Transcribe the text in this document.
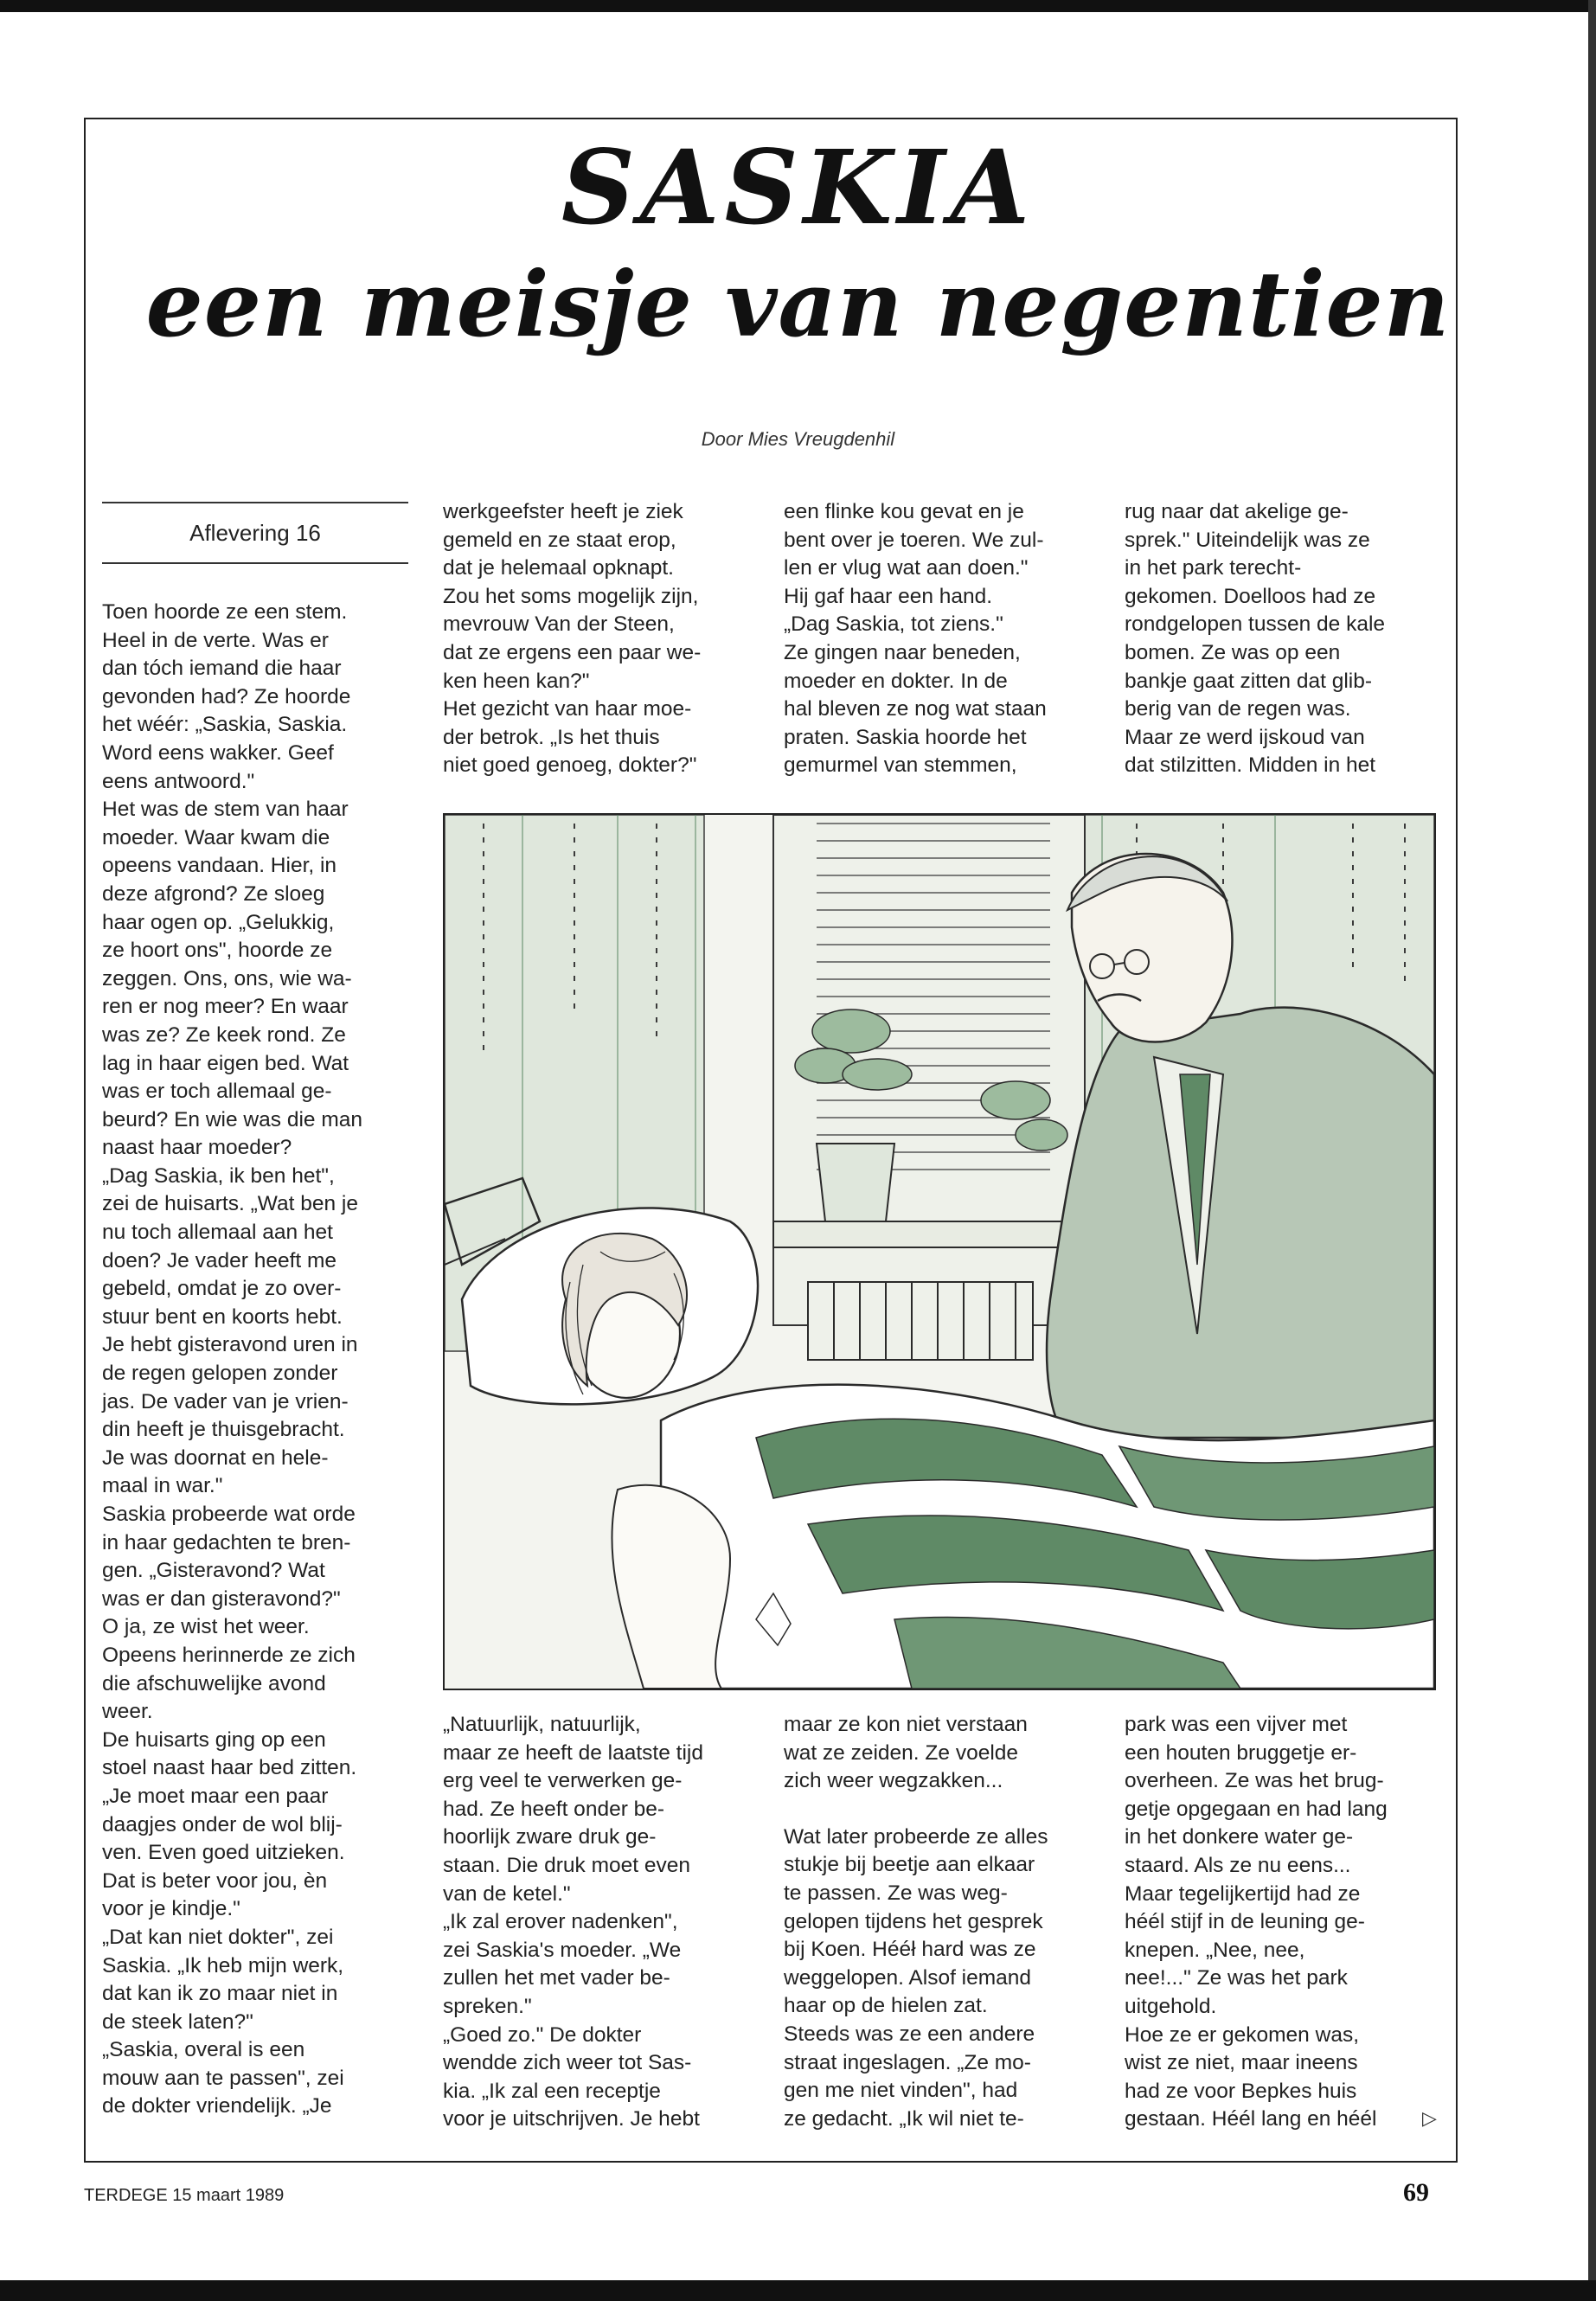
SASKIA
een meisje van negentien
Door Mies Vreugdenhil
Aflevering 16

Toen hoorde ze een stem.

Heel in de verte. Was er

dan tóch iemand die haar

gevonden had? Ze hoorde

het wéér: „Saskia, Saskia.

Word eens wakker. Geef

eens antwoord."

Het was de stem van haar

moeder. Waar kwam die

opeens vandaan. Hier, in

deze afgrond? Ze sloeg

haar ogen op. „Gelukkig,

ze hoort ons", hoorde ze

zeggen. Ons, ons, wie wa-

ren er nog meer? En waar

was ze? Ze keek rond. Ze

lag in haar eigen bed. Wat

was er toch allemaal ge-

beurd? En wie was die man

naast haar moeder?

„Dag Saskia, ik ben het",

zei de huisarts. „Wat ben je

nu toch allemaal aan het

doen? Je vader heeft me

gebeld, omdat je zo over-

stuur bent en koorts hebt.

Je hebt gisteravond uren in

de regen gelopen zonder

jas. De vader van je vrien-

din heeft je thuisgebracht.

Je was doornat en hele-

maal in war."

Saskia probeerde wat orde

in haar gedachten te bren-

gen. „Gisteravond? Wat

was er dan gisteravond?"

O ja, ze wist het weer.

Opeens herinnerde ze zich

die afschuwelijke avond

weer.

De huisarts ging op een

stoel naast haar bed zitten.

„Je moet maar een paar

daagjes onder de wol blij-

ven. Even goed uitzieken.

Dat is beter voor jou, èn

voor je kindje."

„Dat kan niet dokter", zei

Saskia. „Ik heb mijn werk,

dat kan ik zo maar niet in

de steek laten?"

„Saskia, overal is een

mouw aan te passen", zei

de dokter vriendelijk. „Je

werkgeefster heeft je ziek

gemeld en ze staat erop,

dat je helemaal opknapt.

Zou het soms mogelijk zijn,

mevrouw Van der Steen,

dat ze ergens een paar we-

ken heen kan?"

Het gezicht van haar moe-

der betrok. „Is het thuis

niet goed genoeg, dokter?"

een flinke kou gevat en je

bent over je toeren. We zul-

len er vlug wat aan doen."

Hij gaf haar een hand.

„Dag Saskia, tot ziens."

Ze gingen naar beneden,

moeder en dokter. In de

hal bleven ze nog wat staan

praten. Saskia hoorde het

gemurmel van stemmen,

rug naar dat akelige ge-

sprek." Uiteindelijk was ze

in het park terecht-

gekomen. Doelloos had ze

rondgelopen tussen de kale

bomen. Ze was op een

bankje gaat zitten dat glib-

berig van de regen was.

Maar ze werd ijskoud van

dat stilzitten. Midden in het

„Natuurlijk, natuurlijk,

maar ze heeft de laatste tijd

erg veel te verwerken ge-

had. Ze heeft onder be-

hoorlijk zware druk ge-

staan. Die druk moet even

van de ketel."

„Ik zal erover nadenken",

zei Saskia's moeder. „We

zullen het met vader be-

spreken."

„Goed zo." De dokter

wendde zich weer tot Sas-

kia. „Ik zal een receptje

voor je uitschrijven. Je hebt

maar ze kon niet verstaan

wat ze zeiden. Ze voelde

zich weer wegzakken...

Wat later probeerde ze alles

stukje bij beetje aan elkaar

te passen. Ze was weg-

gelopen tijdens het gesprek

bij Koen. Hééł hard was ze

weggelopen. Alsof iemand

haar op de hielen zat.

Steeds was ze een andere

straat ingeslagen. „Ze mo-

gen me niet vinden", had

ze gedacht. „Ik wil niet te-

park was een vijver met

een houten bruggetje er-

overheen. Ze was het brug-

getje opgegaan en had lang

in het donkere water ge-

staard. Als ze nu eens...

Maar tegelijkertijd had ze

héél stijf in de leuning ge-

knepen. „Nee, nee,

nee!..." Ze was het park

uitgehold.

Hoe ze er gekomen was,

wist ze niet, maar ineens

had ze voor Bepkes huis

gestaan. Héél lang en héél	▷
TERDEGE 15 maart 1989	69
